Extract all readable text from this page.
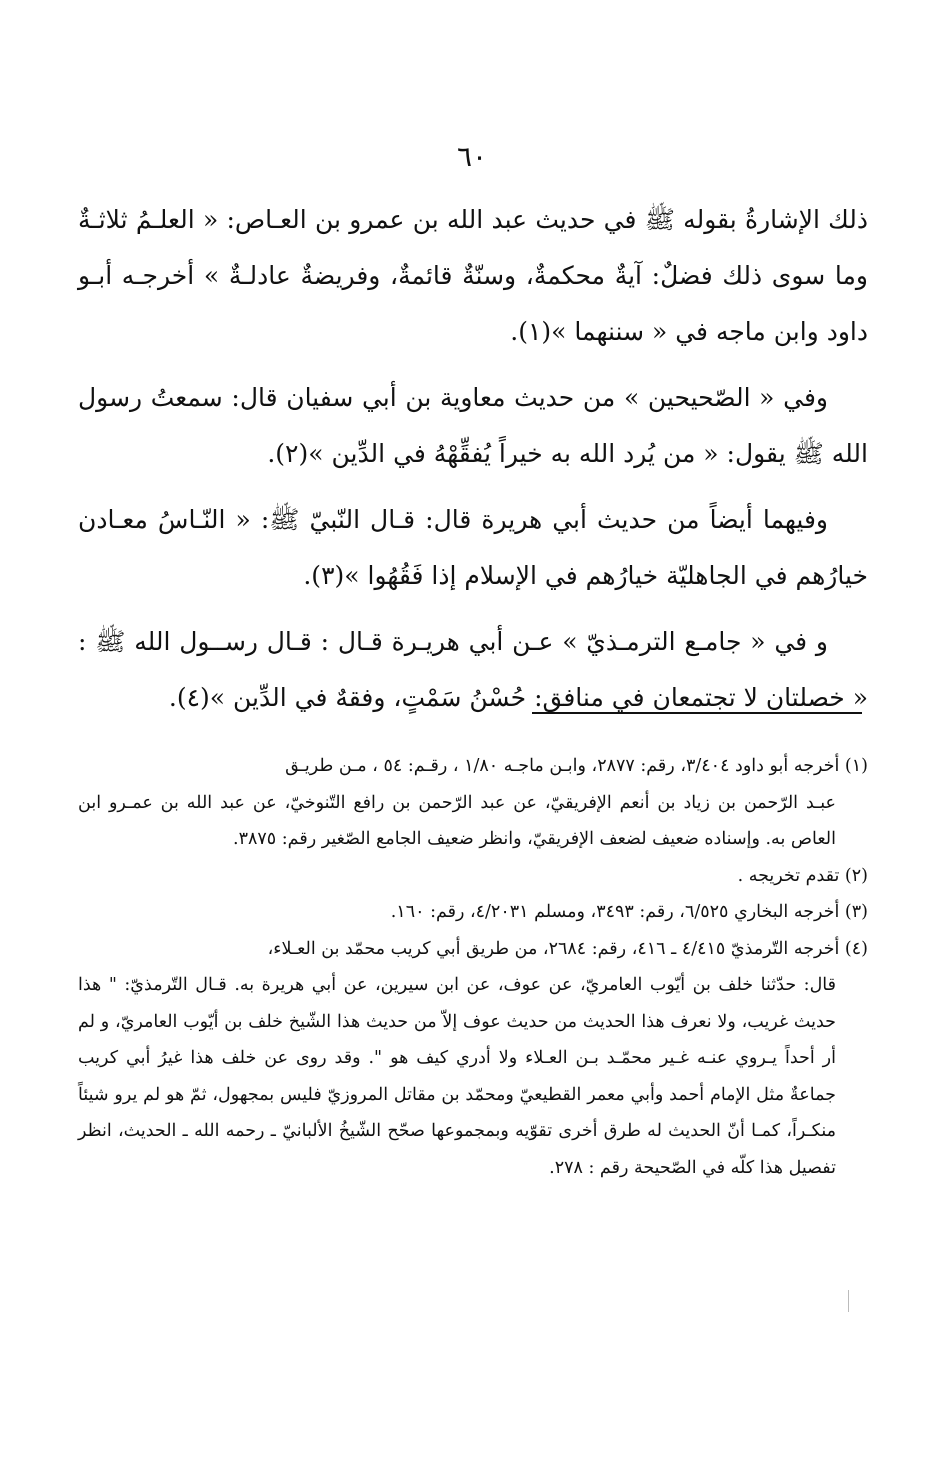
٦٠

ذلك الإشارةُ بقوله ﷺ في حديث عبد الله بن عمرو بن العـاص: « العلـمُ ثلاثـةٌ وما سوى ذلك فضلٌ: آيةٌ محكمةٌ، وسنّةٌ قائمةٌ، وفريضةٌ عادلـةٌ » أخرجـه أبـو داود وابن ماجه في « سننهما »(١).

وفي « الصّحيحين » من حديث معاوية بن أبي سفيان قال: سمعتُ رسول الله ﷺ يقول: « من يُرد الله به خيراً يُفقِّهْهُ في الدِّين »(٢).

وفيهما أيضاً من حديث أبي هريرة قال: قـال النّبيّ ﷺ: « النّـاسُ معـادن خيارُهم في الجاهليّة خيارُهم في الإسلام إذا فَقُهُوا »(٣).

و في « جامـع الترمـذيّ » عـن أبي هريـرة قـال : قـال رســول الله ﷺ : « خصلتان لا تجتمعان في منافق: حُسْنُ سَمْتٍ، وفقهٌ في الدِّين »(٤).

(١) أخرجه أبو داود ٣/٤٠٤، رقم: ٢٨٧٧، وابـن ماجـه ١/٨٠ ، رقـم: ٥٤ ، مـن طريـق

عبـد الرّحمن بن زياد بن أنعم الإفريقيّ، عن عبد الرّحمن بن رافع التّنوخيّ، عن عبد الله بن عمـرو ابن العاص به. وإسناده ضعيف لضعف الإفريقيّ، وانظر ضعيف الجامع الصّغير رقم: ٣٨٧٥.

(٢) تقدم تخريجه .

(٣) أخرجه البخاري ٦/٥٢٥، رقم: ٣٤٩٣، ومسلم ٤/٢٠٣١، رقم: ١٦٠.

(٤) أخرجه التّرمذيّ ٤/٤١٥ ـ ٤١٦، رقم: ٢٦٨٤، من طريق أبي كريب محمّد بن العـلاء،

قال: حدّثنا خلف بن أيّوب العامريّ، عن عوف، عن ابن سيرين، عن أبي هريرة به. قـال التّرمذيّ: " هذا حديث غريب، ولا نعرف هذا الحديث من حديث عوف إلاّ من حديث هذا الشّيخ خلف بن أيّوب العامريّ، و لم أر أحداً يـروي عنـه غـير محمّـد بـن العـلاء ولا أدري كيف هو ". وقد روى عن خلف هذا غيرُ أبي كريب جماعةٌ مثل الإمام أحمد وأبي معمر القطيعيّ ومحمّد بن مقاتل المروزيّ فليس بمجهول، ثمّ هو لم يرو شيئاً منكـراً، كمـا أنّ الحديث له طرق أخرى تقوّيه وبمجموعها صحّح الشّيخُ الألبانيّ ـ رحمه الله ـ الحديث، انظر تفصيل هذا كلّه في الصّحيحة رقم : ٢٧٨.
